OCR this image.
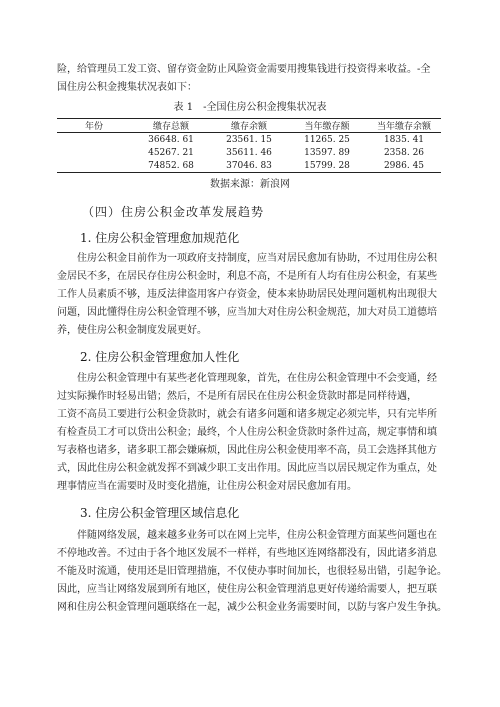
险，给管理员工发工资、留存资金防止风险资金需要用搜集钱进行投资得来收益。-全

国住房公积金搜集状况表如下：

表 1　-全国住房公积金搜集状况表
年份	缴存总额	缴存余额	当年缴存额	当年缴存余额
	36648. 61	23561. 15	11265. 25	1835. 41
	45267. 21	35611. 46	13597. 89	2358. 26
	74852. 68	37046. 83	15799. 28	2986. 45
数据来源：新浪网
（四）住房公积金改革发展趋势
1. 住房公积金管理愈加规范化

住房公积金目前作为一项政府支持制度，应当对居民愈加有协助，不过用住房公积

金居民不多，在居民存住房公积金时，利息不高，不是所有人均有住房公积金，有某些

工作人员素质不够，违反法律盗用客户存资金，使本来协助居民处理问题机构出现很大

问题，因此懂得住房公积金管理不够，应当加大对住房公积金规范，加大对员工道德培

养，使住房公积金制度发展更好。

2. 住房公积金管理愈加人性化

住房公积金管理中有某些老化管理现象，首先，在住房公积金管理中不会变通，经

过实际操作时轻易出错；然后，不是所有居民在住房公积金贷款时都是同样待遇，

工资不高员工要进行公积金贷款时，就会有诸多问题和诸多规定必须完毕，只有完毕所

有检查员工才可以贷出公积金；最终，个人住房公积金贷款时条件过高，规定事情和填

写表格也诸多，诸多职工都会嫌麻烦，因此住房公积金使用率不高，员工会选择其他方

式，因此住房公积金就发挥不到减少职工支出作用。因此应当以居民规定作为重点，处

理事情应当在需要时及时变化措施，让住房公积金对居民愈加有用。

3. 住房公积金管理区域信息化

伴随网络发展，越来越多业务可以在网上完毕，住房公积金管理方面某些问题也在

不停地改善。不过由于各个地区发展不一样样，有些地区连网络都没有，因此诸多消息

不能及时流通，使用还是旧管理措施，不仅使办事时间加长，也很轻易出错，引起争论。

因此，应当让网络发展到所有地区，使住房公积金管理消息更好传递给需要人，把互联

网和住房公积金管理问题联络在一起，减少公积金业务需要时间，以防与客户发生争执。
